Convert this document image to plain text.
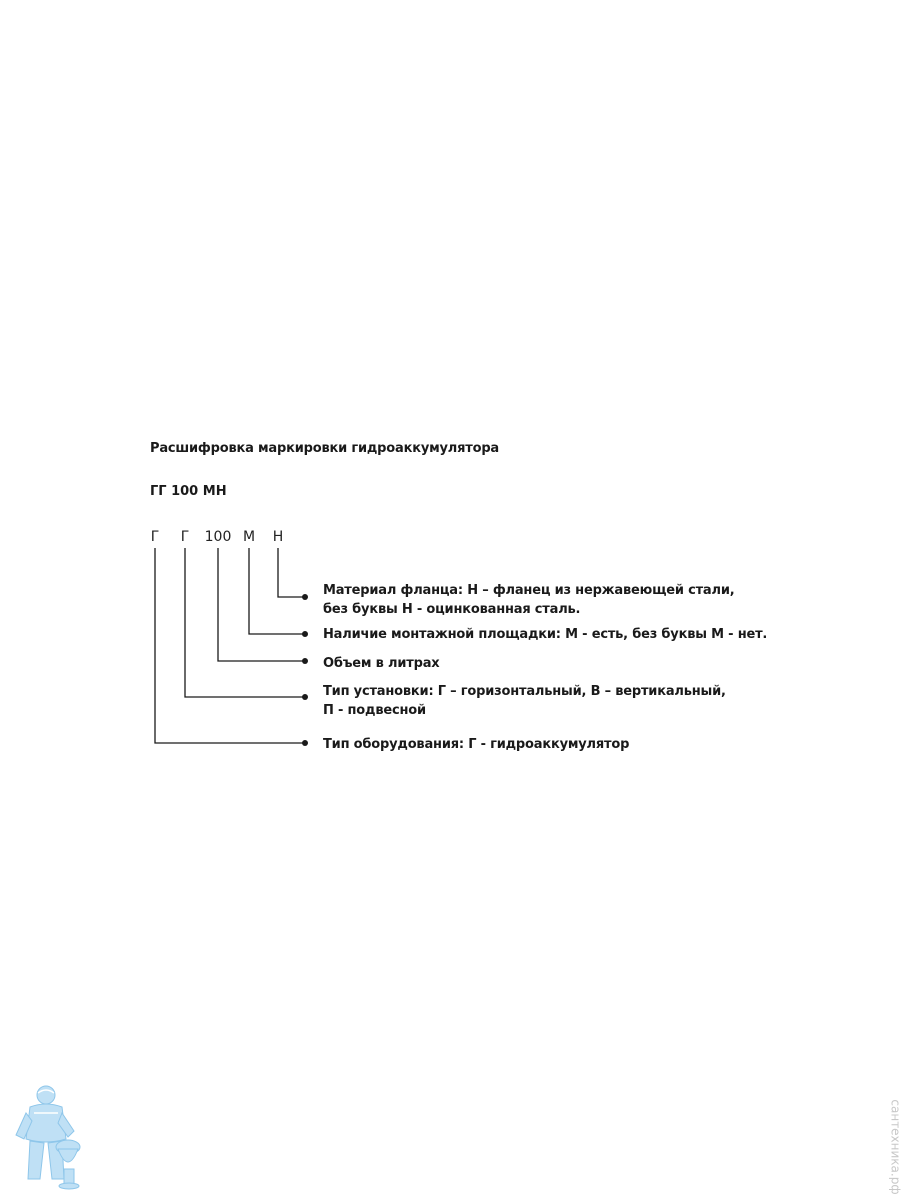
Расшифровка маркировки гидроаккумулятора
ГГ 100 МН
Г Г 100 М Н
Материал фланца: Н – фланец из нержавеющей стали,
без буквы Н - оцинкованная сталь.
Наличие монтажной площадки: М - есть, без буквы М - нет.
Объем в литрах
Тип установки: Г – горизонтальный, В – вертикальный,
П - подвесной
Тип оборудования: Г - гидроаккумулятор
сантехника.рф
